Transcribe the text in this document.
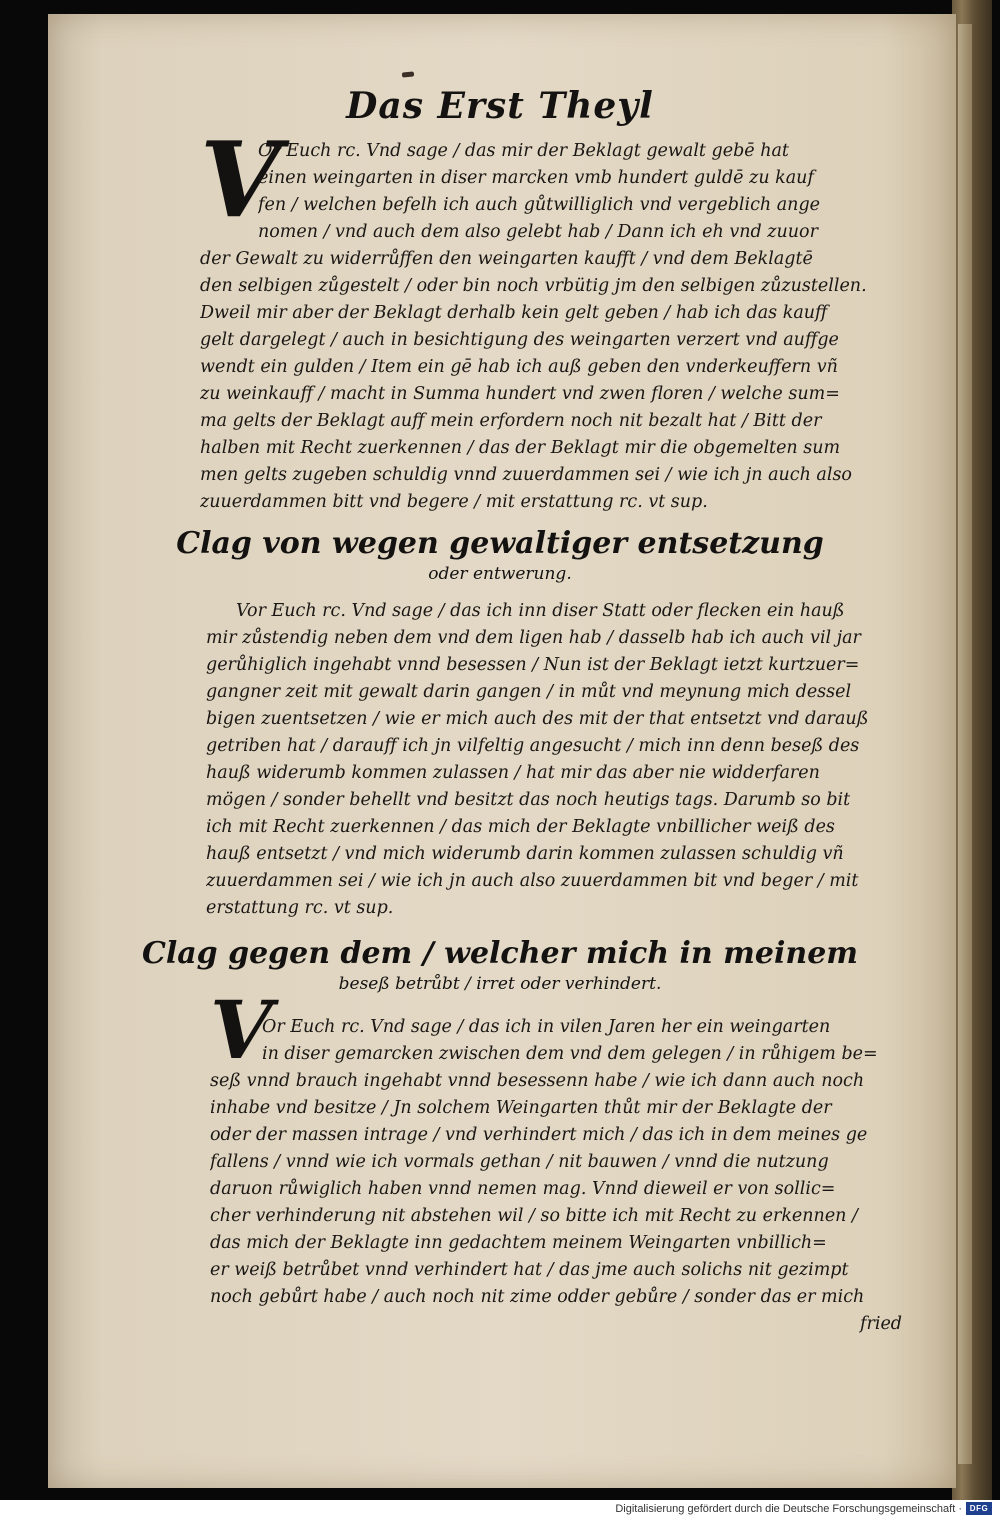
Das Erst Theyl
V
Or Euch rc. Vnd sage / das mir der Beklagt gewalt gebē hat
einen weingarten in diser marcken vmb hundert guldē zu kauf
fen / welchen befelh ich auch gůtwilliglich vnd vergeblich ange
nomen / vnd auch dem also gelebt hab / Dann ich eh vnd zuuor
der Gewalt zu widerrůffen den weingarten kaufft / vnd dem Beklagtē
den selbigen zůgestelt / oder bin noch vrbütig jm den selbigen zůzustellen.
Dweil mir aber der Beklagt derhalb kein gelt geben / hab ich das kauff
gelt dargelegt / auch in besichtigung des weingarten verzert vnd auffge
wendt ein gulden / Item ein gē hab ich auß geben den vnderkeuffern vñ
zu weinkauff / macht in Summa hundert vnd zwen floren / welche sum=
ma gelts der Beklagt auff mein erfordern noch nit bezalt hat / Bitt der
halben mit Recht zuerkennen / das der Beklagt mir die obgemelten sum
men gelts zugeben schuldig vnnd zuuerdammen sei / wie ich jn auch also
zuuerdammen bitt vnd begere / mit erstattung rc. vt sup.
Clag von wegen gewaltiger entsetzung
oder entwerung.
Vor Euch rc. Vnd sage / das ich inn diser Statt oder flecken ein hauß
mir zůstendig neben dem vnd dem ligen hab / dasselb hab ich auch vil jar
gerůhiglich ingehabt vnnd besessen / Nun ist der Beklagt ietzt kurtzuer=
gangner zeit mit gewalt darin gangen / in můt vnd meynung mich dessel
bigen zuentsetzen / wie er mich auch des mit der that entsetzt vnd darauß
getriben hat / darauff ich jn vilfeltig angesucht / mich inn denn beseß des
hauß widerumb kommen zulassen / hat mir das aber nie widderfaren
mögen / sonder behellt vnd besitzt das noch heutigs tags. Darumb so bit
ich mit Recht zuerkennen / das mich der Beklagte vnbillicher weiß des
hauß entsetzt / vnd mich widerumb darin kommen zulassen schuldig vñ
zuuerdammen sei / wie ich jn auch also zuuerdammen bit vnd beger / mit
erstattung rc. vt sup.
Clag gegen dem / welcher mich in meinem
beseß betrůbt / irret oder verhindert.
V
Or Euch rc. Vnd sage / das ich in vilen Jaren her ein weingarten
in diser gemarcken zwischen dem vnd dem gelegen / in růhigem be=
seß vnnd brauch ingehabt vnnd besessenn habe / wie ich dann auch noch
inhabe vnd besitze / Jn solchem Weingarten thůt mir der Beklagte der
oder der massen intrage / vnd verhindert mich / das ich in dem meines ge
fallens / vnnd wie ich vormals gethan / nit bauwen / vnnd die nutzung
daruon růwiglich haben vnnd nemen mag. Vnnd dieweil er von sollic=
cher verhinderung nit abstehen wil / so bitte ich mit Recht zu erkennen /
das mich der Beklagte inn gedachtem meinem Weingarten vnbillich=
er weiß betrůbet vnnd verhindert hat / das jme auch solichs nit gezimpt
noch gebůrt habe / auch noch nit zime odder gebůre / sonder das er mich
fried
Digitalisierung gefördert durch die Deutsche Forschungsgemeinschaft · DFG
